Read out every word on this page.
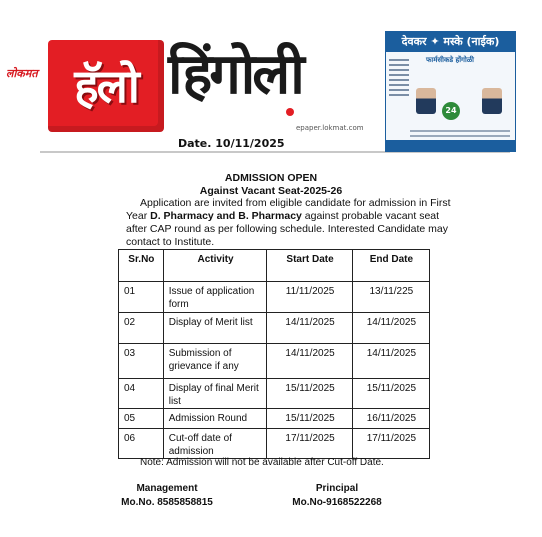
लोकमत हॅलो हिंगोली
epaper.lokmat.com
Date. 10/11/2025
देवकर ✦ मस्के (नाईक)
फार्मसीकडे होंगोळी
24
ADMISSION OPEN
Against Vacant Seat-2025-26
Application are invited from eligible candidate for admission in First Year D. Pharmacy and B. Pharmacy against probable vacant seat after CAP round as per following schedule. Interested Candidate may contact to Institute.
Sr.No	Activity	Start Date	End Date
01	Issue of application form	11/11/2025	13/11/225
02	Display of Merit list	14/11/2025	14/11/2025
03	Submission of grievance if any	14/11/2025	14/11/2025
04	Display of final Merit list	15/11/2025	15/11/2025
05	Admission Round	15/11/2025	16/11/2025
06	Cut-off date of admission	17/11/2025	17/11/2025
Note: Admission will not be available after Cut-off Date.
Management
Mo.No. 8585858815
Principal
Mo.No-9168522268
